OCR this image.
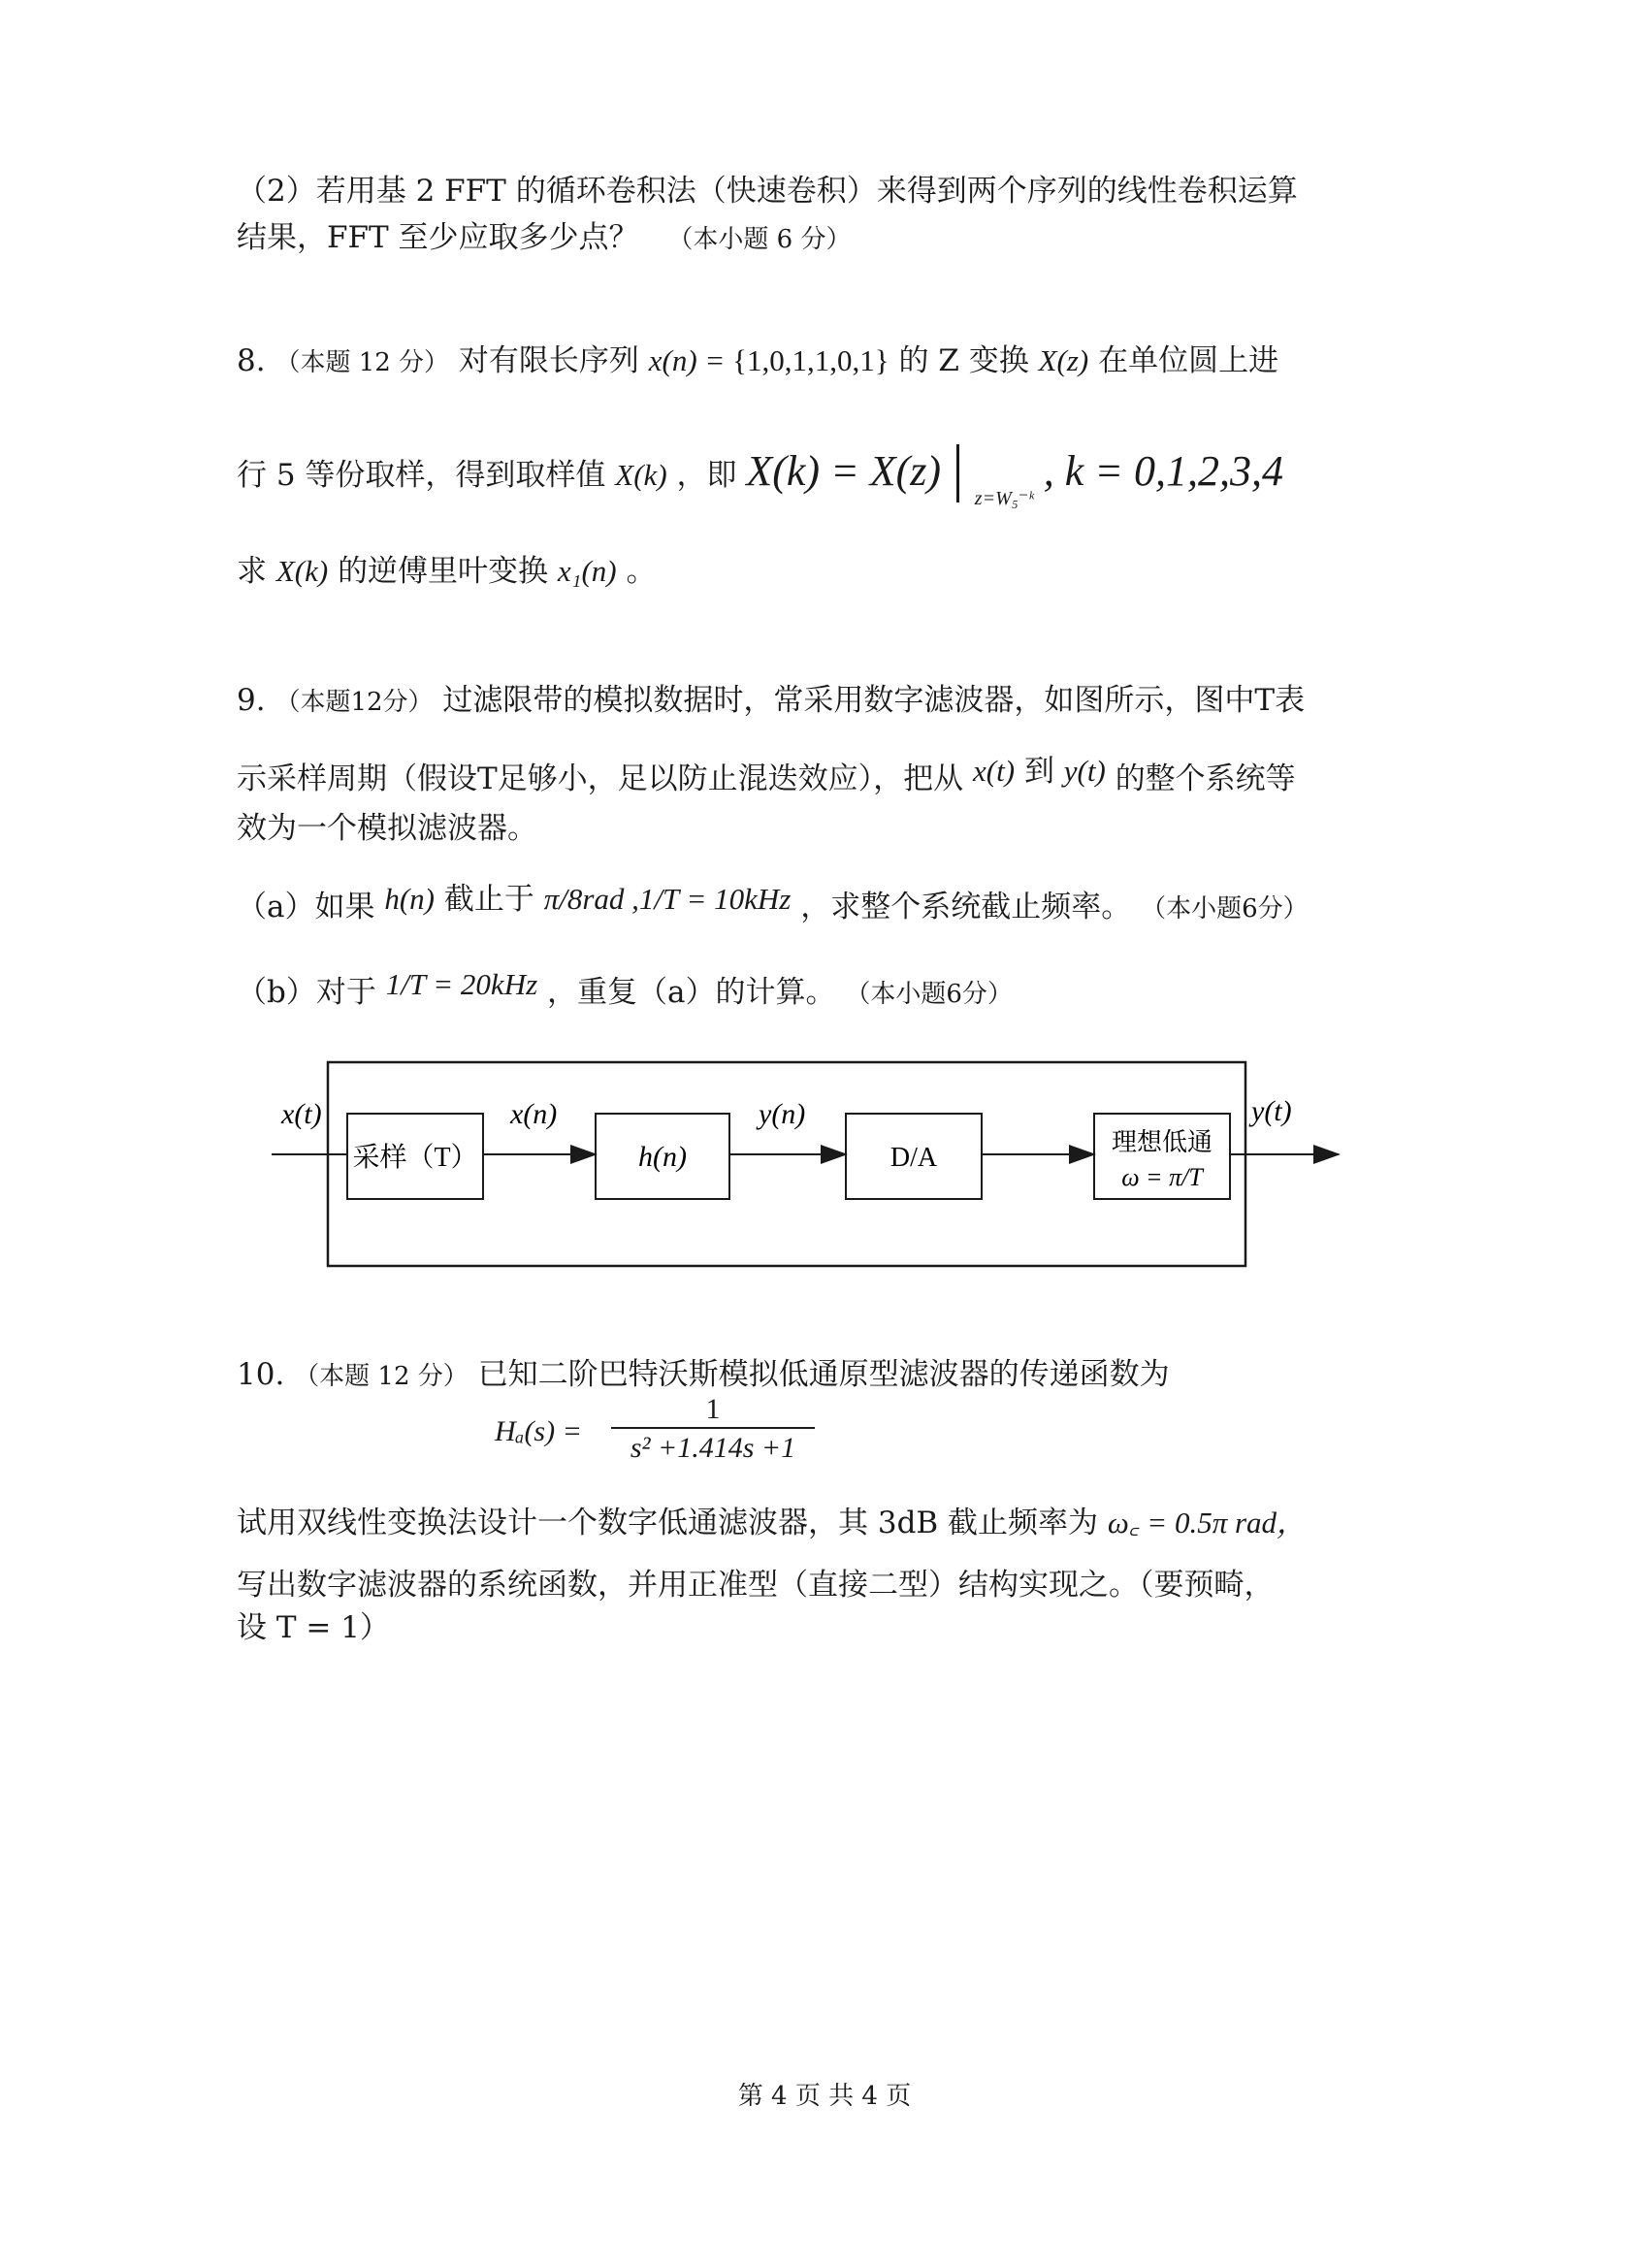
（2）若用基 2 FFT 的循环卷积法（快速卷积）来得到两个序列的线性卷积运算
结果，FFT 至少应取多少点？ （本小题 6 分）
8. （本题 12 分） 对有限长序列 x(n) = {1,0,1,1,0,1} 的 Z 变换 X(z) 在单位圆上进
行 5 等份取样，得到取样值 X(k) ，即 X(k) = X(z)  $_{z=W_5^-ᵏ}$ , k = 0,1,2,3,4
求 X(k) 的逆傅里叶变换 x₁(n) 。
9. （本题12分） 过滤限带的模拟数据时，常采用数字滤波器，如图所示，图中T表
示采样周期（假设T足够小，足以防止混迭效应），把从 x(t) 到 y(t) 的整个系统等
效为一个模拟滤波器。
（a）如果 h(n) 截止于 π/8rad ,1/T = 10kHz ，求整个系统截止频率。 （本小题6分）
（b）对于 1/T = 20kHz ，重复（a）的计算。 （本小题6分）
x(t)
采样（T）
x(n)
h(n)
y(n)
D/A
理想低通
ω = π/T
y(t)
10. （本题 12 分） 已知二阶巴特沃斯模拟低通原型滤波器的传递函数为
Hₐ(s) =
1
s² +1.414s +1
试用双线性变换法设计一个数字低通滤波器，其 3dB 截止频率为 ω꜀ = 0.5π rad，
写出数字滤波器的系统函数，并用正准型（直接二型）结构实现之。（要预畸，
设 T = 1）
第 4 页 共 4 页
